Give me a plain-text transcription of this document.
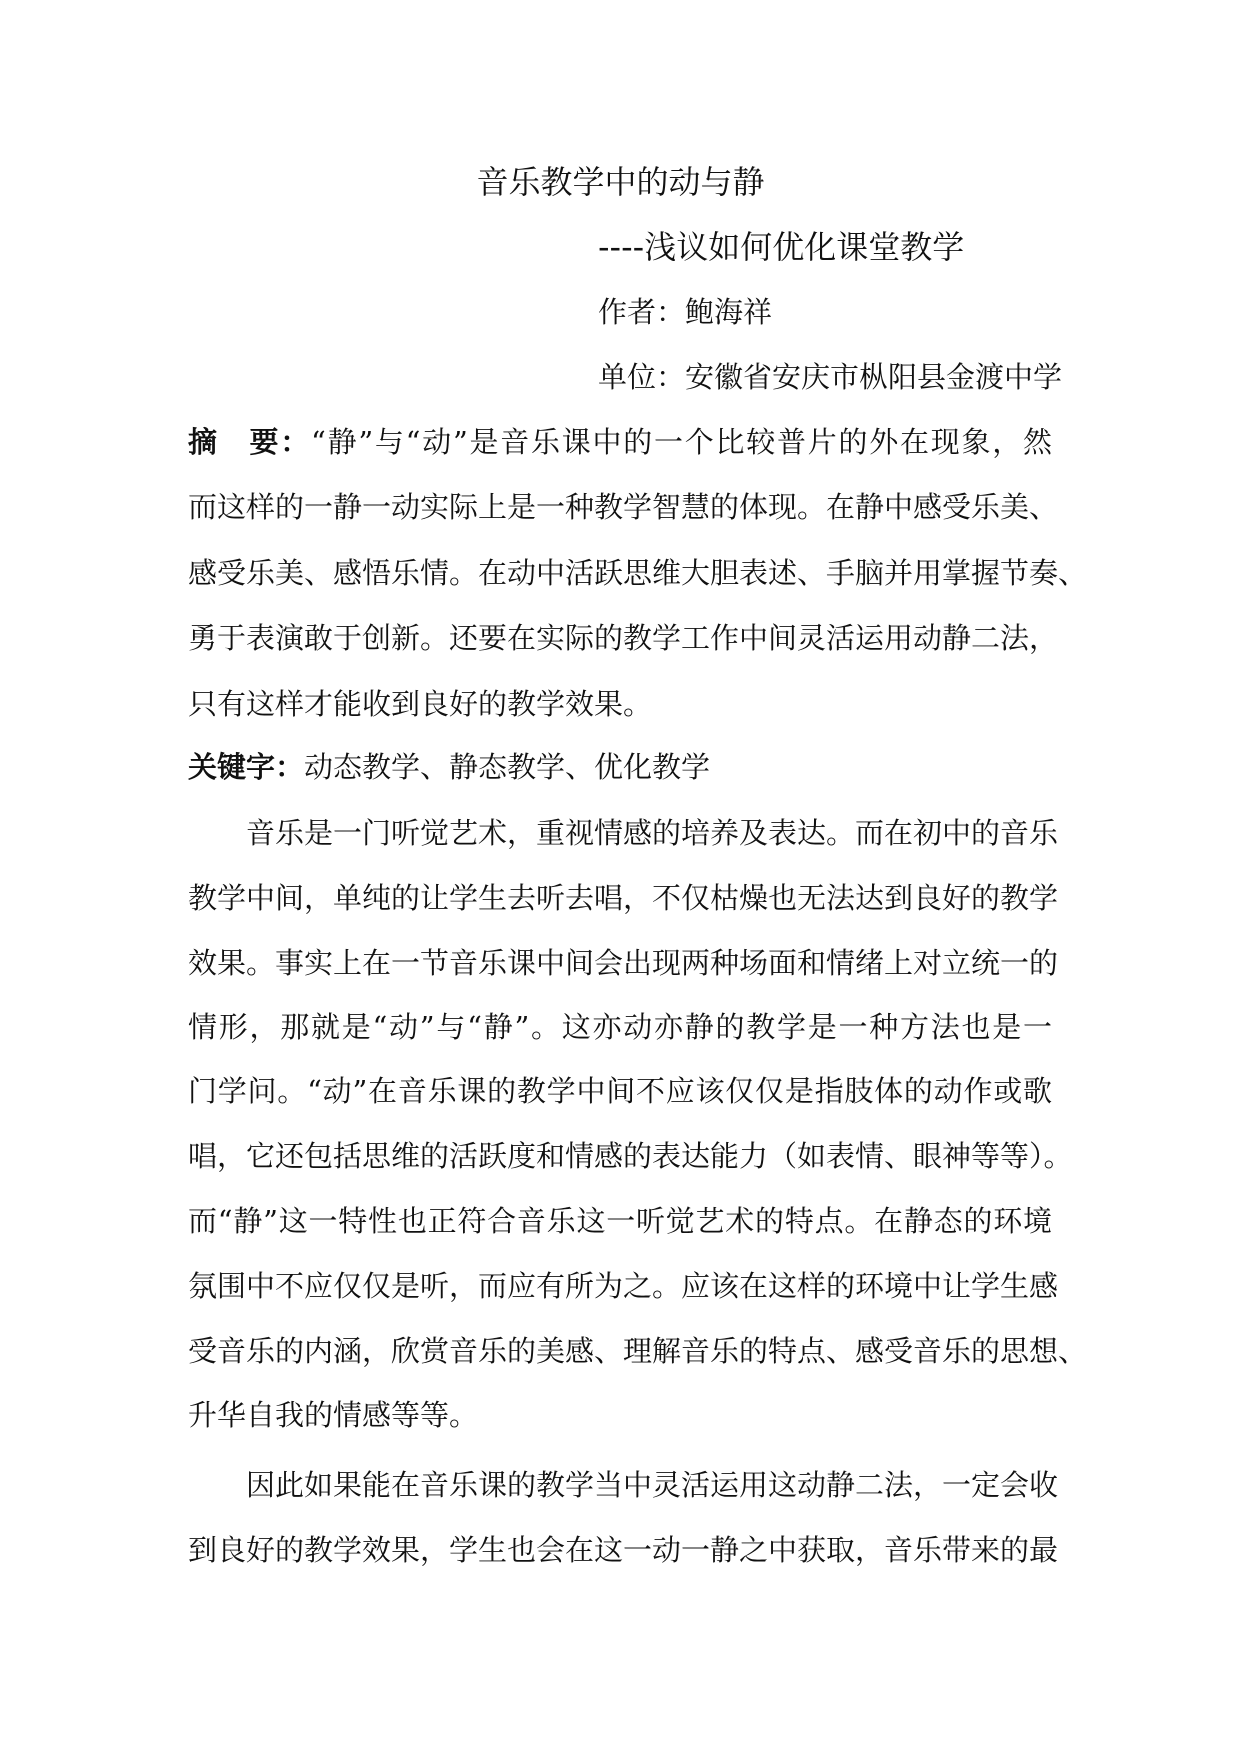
音乐教学中的动与静
----浅议如何优化课堂教学
作者：鲍海祥
单位：安徽省安庆市枞阳县金渡中学
摘　要：“静”与“动”是音乐课中的一个比较普片的外在现象，然
而这样的一静一动实际上是一种教学智慧的体现。在静中感受乐美、
感受乐美、感悟乐情。在动中活跃思维大胆表述、手脑并用掌握节奏、
勇于表演敢于创新。还要在实际的教学工作中间灵活运用动静二法，
只有这样才能收到良好的教学效果。
关键字：动态教学、静态教学、优化教学
音乐是一门听觉艺术，重视情感的培养及表达。而在初中的音乐
教学中间，单纯的让学生去听去唱，不仅枯燥也无法达到良好的教学
效果。事实上在一节音乐课中间会出现两种场面和情绪上对立统一的
情形，那就是“动”与“静”。这亦动亦静的教学是一种方法也是一
门学问。“动”在音乐课的教学中间不应该仅仅是指肢体的动作或歌
唱，它还包括思维的活跃度和情感的表达能力（如表情、眼神等等）。
而“静”这一特性也正符合音乐这一听觉艺术的特点。在静态的环境
氛围中不应仅仅是听，而应有所为之。应该在这样的环境中让学生感
受音乐的内涵，欣赏音乐的美感、理解音乐的特点、感受音乐的思想、
升华自我的情感等等。
因此如果能在音乐课的教学当中灵活运用这动静二法，一定会收
到良好的教学效果，学生也会在这一动一静之中获取，音乐带来的最
